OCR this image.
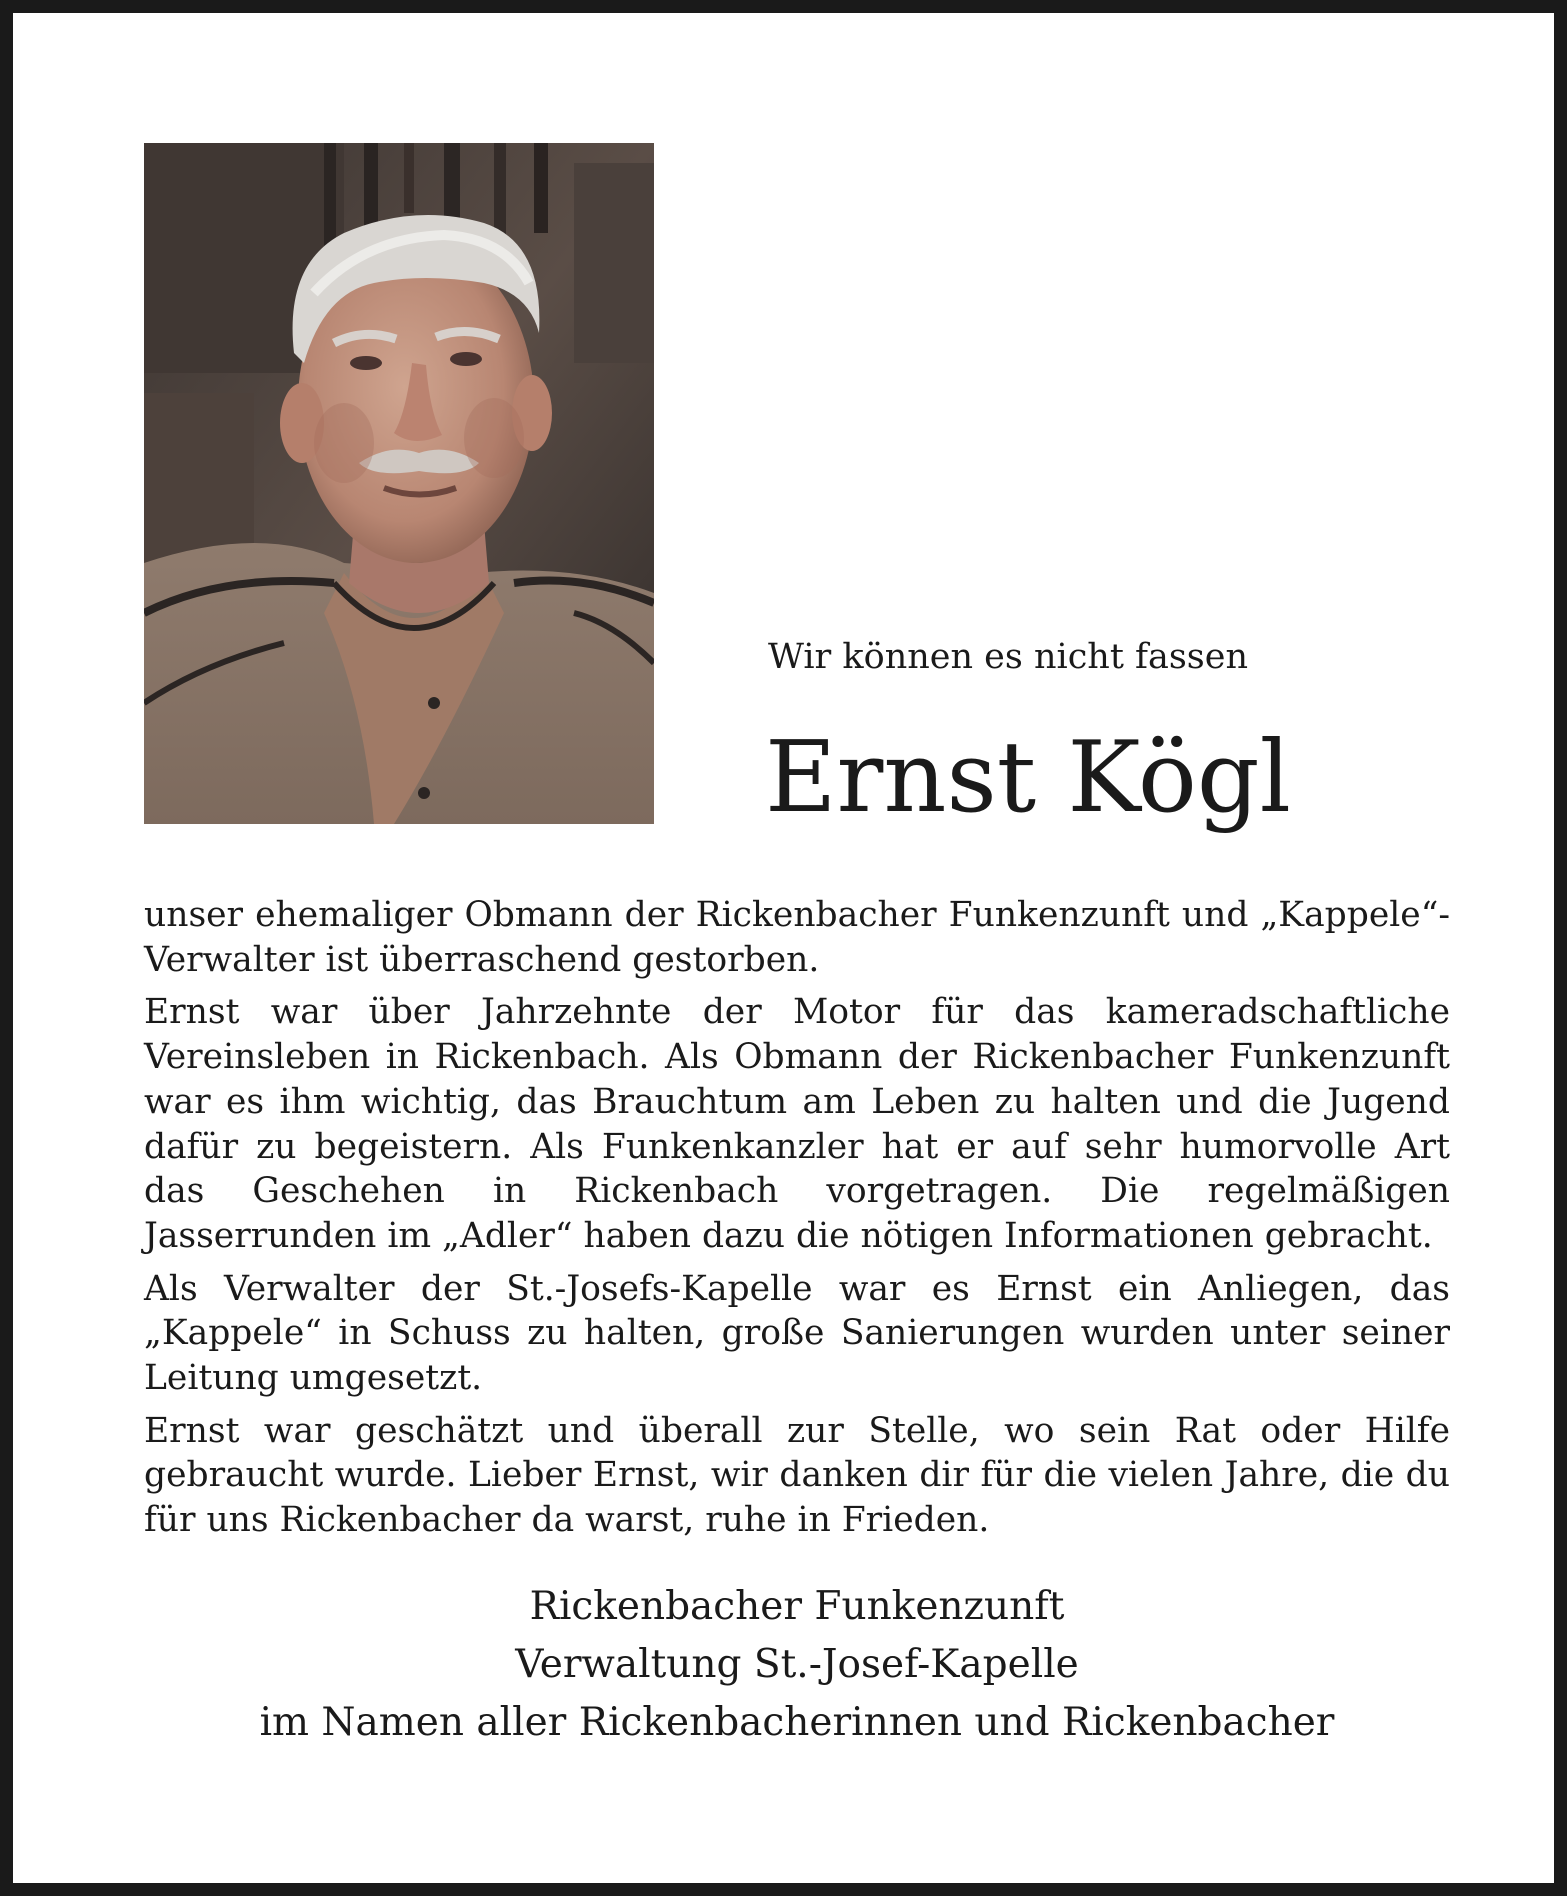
Wir können es nicht fassen
Ernst Kögl

unser ehemaliger Obmann der Rickenbacher Funkenzunft und „Kappele“-Verwalter ist überraschend gestorben.

Ernst war über Jahrzehnte der Motor für das kameradschaftliche Vereinsleben in Rickenbach. Als Obmann der Rickenbacher Funkenzunft war es ihm wichtig, das Brauchtum am Leben zu halten und die Jugend dafür zu begeistern. Als Funkenkanzler hat er auf sehr humorvolle Art das Geschehen in Rickenbach vorgetragen. Die regelmäßigen Jasserrunden im „Adler“ haben dazu die nötigen Informationen gebracht.

Als Verwalter der St.-Josefs-Kapelle war es Ernst ein Anliegen, das „Kappele“ in Schuss zu halten, große Sanierungen wurden unter seiner Leitung umgesetzt.

Ernst war geschätzt und überall zur Stelle, wo sein Rat oder Hilfe gebraucht wurde. Lieber Ernst, wir danken dir für die vielen Jahre, die du für uns Rickenbacher da warst, ruhe in Frieden.

Rickenbacher Funkenzunft
Verwaltung St.-Josef-Kapelle
im Namen aller Rickenbacherinnen und Rickenbacher
